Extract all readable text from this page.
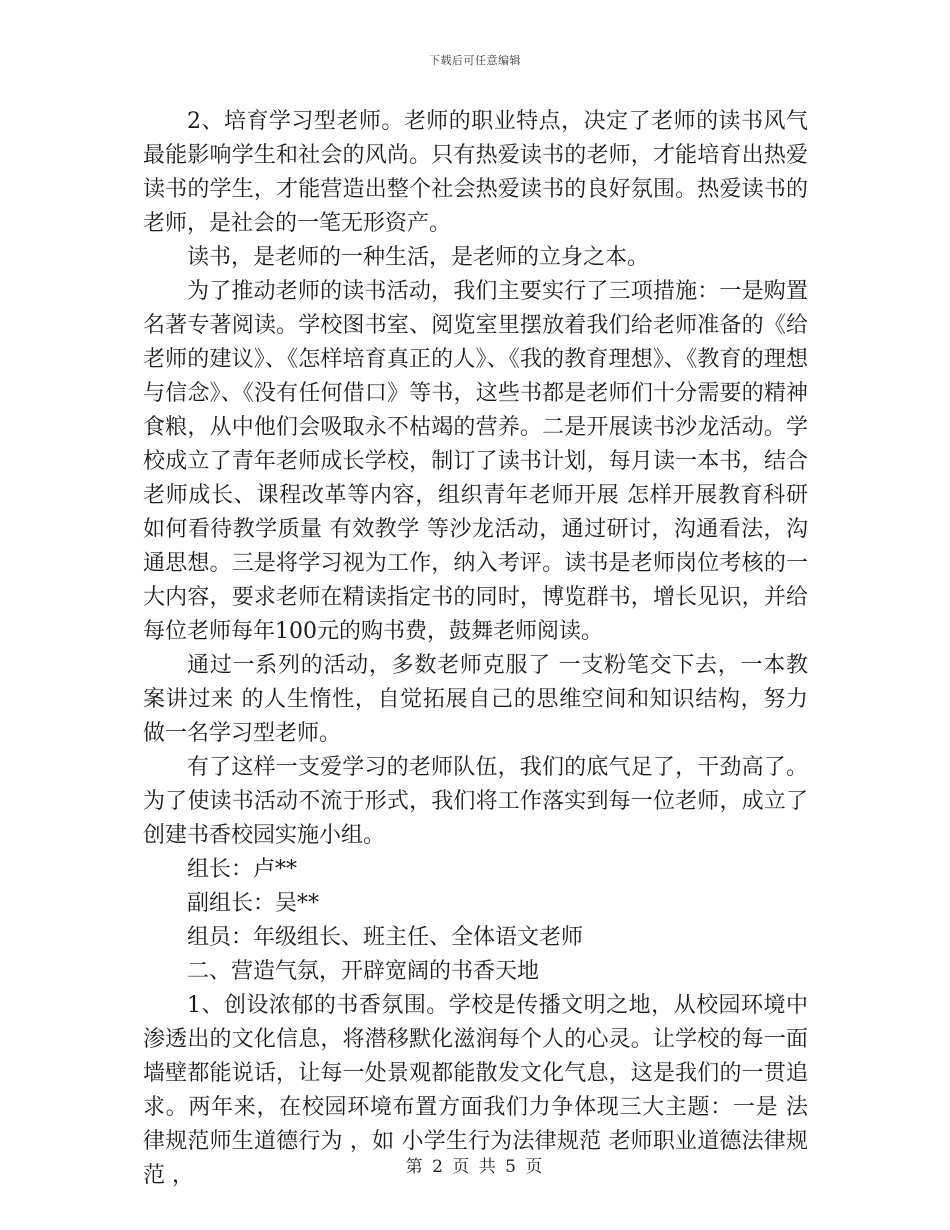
下载后可任意编辑

2、培育学习型老师。老师的职业特点，决定了老师的读书风气最能影响学生和社会的风尚。只有热爱读书的老师，才能培育出热爱读书的学生，才能营造出整个社会热爱读书的良好氛围。热爱读书的老师，是社会的一笔无形资产。

读书，是老师的一种生活，是老师的立身之本。

为了推动老师的读书活动，我们主要实行了三项措施：一是购置名著专著阅读。学校图书室、阅览室里摆放着我们给老师准备的《给老师的建议》、《怎样培育真正的人》、《我的教育理想》、《教育的理想与信念》、《没有任何借口》等书，这些书都是老师们十分需要的精神食粮，从中他们会吸取永不枯竭的营养。二是开展读书沙龙活动。学校成立了青年老师成长学校，制订了读书计划，每月读一本书，结合老师成长、课程改革等内容，组织青年老师开展 怎样开展教育科研 如何看待教学质量 有效教学 等沙龙活动，通过研讨，沟通看法，沟通思想。三是将学习视为工作，纳入考评。读书是老师岗位考核的一大内容，要求老师在精读指定书的同时，博览群书，增长见识，并给每位老师每年100元的购书费，鼓舞老师阅读。

通过一系列的活动，多数老师克服了 一支粉笔交下去，一本教案讲过来 的人生惰性，自觉拓展自己的思维空间和知识结构，努力做一名学习型老师。

有了这样一支爱学习的老师队伍，我们的底气足了，干劲高了。为了使读书活动不流于形式，我们将工作落实到每一位老师，成立了创建书香校园实施小组。

组长：卢**

副组长：吴**

组员：年级组长、班主任、全体语文老师

二、营造气氛，开辟宽阔的书香天地

1、创设浓郁的书香氛围。学校是传播文明之地，从校园环境中渗透出的文化信息，将潜移默化滋润每个人的心灵。让学校的每一面墙壁都能说话，让每一处景观都能散发文化气息，这是我们的一贯追求。两年来，在校园环境布置方面我们力争体现三大主题：一是 法律规范师生道德行为 ，如 小学生行为法律规范 老师职业道德法律规范 ，	第 2 页 共 5 页
